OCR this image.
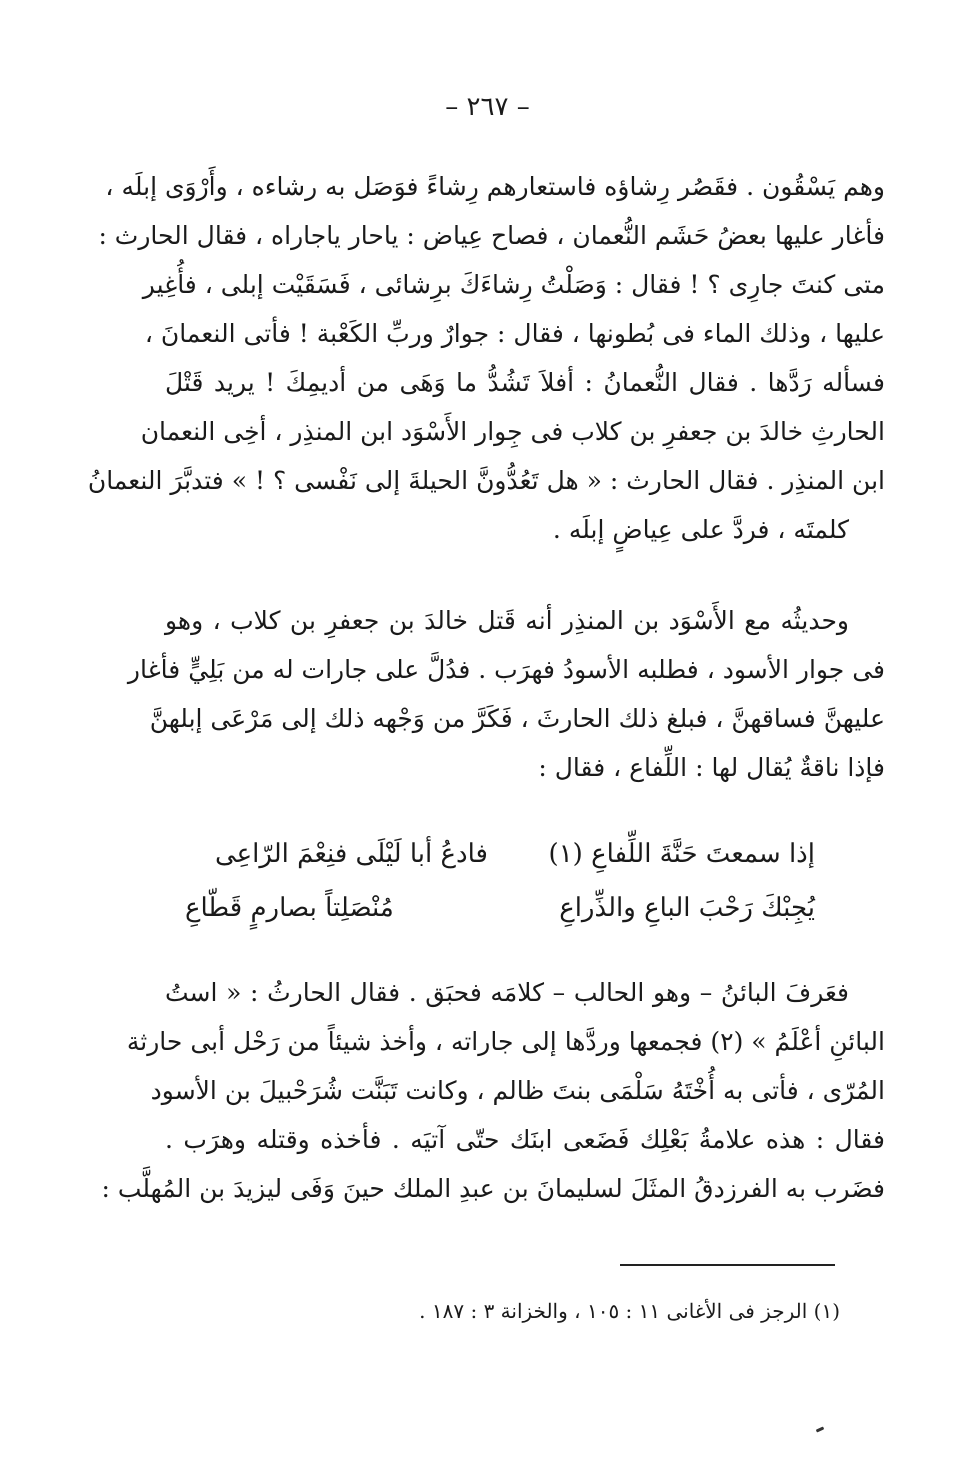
– ٢٦٧ –
وهم يَسْقُون . فقَصُر رِشاؤه فاستعارهم رِشاءً فوَصَل به رشاءه ، وأَرْوَى إبلَه ،
فأغار عليها بعضُ حَشَم النُّعمان ، فصاح عِياض : ياحار ياجاراه ، فقال الحارث :
متى كنتَ جارِى ؟ ! فقال : وَصَلْتُ رِشاءَكَ برِشائى ، فَسَقَيْت إبلى ، فأُغِير
عليها ، وذلك الماء فى بُطونها ، فقال : جوارٌ وربِّ الكَعْبة ! فأتى النعمانَ ،
فسأله رَدَّها . فقال النُّعمانُ : أفلاَ تَشُدُّ ما وَهَى من أديمِكَ ! يريد قَتْلَ
الحارثِ خالدَ بن جعفرِ بن كلاب فى جِوار الأَسْوَد ابن المنذِر ، أخِى النعمان
ابن المنذِر . فقال الحارث : « هل تَعُدُّونَّ الحيلةَ إلى نَفْسى ؟ ! » فتدبَّرَ النعمانُ
كلمتَه ، فردَّ على عِياضٍ إبلَه .
وحديثُه مع الأَسْوَد بن المنذِر أنه قَتل خالدَ بن جعفرِ بن كلاب ، وهو
فى جوار الأسود ، فطلبه الأسودُ فهرَب . فدُلَّ على جارات له من بَلِيٍّ فأغار
عليهنَّ فساقهنَّ ، فبلغ ذلك الحارثَ ، فَكَرَّ من وَجْهه ذلك إلى مَرْعَى إبلهنَّ
فإذا ناقةٌ يُقال لها : اللِّفاع ، فقال :
إذا سمعتَ حَنَّةَ اللِّفاعِ (١)
فادعُ أبا لَيْلَى فنِعْمَ الرّاعِى
يُجِبْكَ رَحْبَ الباعِ والذِّراعِ
مُنْصَلِتاً بصارمٍ قَطّاعِ
فعَرفَ البائنُ – وهو الحالب – كلامَه فحبَق . فقال الحارثُ : « استُ
البائنِ أعْلَمُ » (٢) فجمعها وردَّها إلى جاراته ، وأخذ شيئاً من رَحْل أبى حارثة
المُرّى ، فأتى به أُخْتَهُ سَلْمَى بنتَ ظالم ، وكانت تَبَنَّت شُرَحْبيلَ بن الأسود
فقال : هذه علامةُ بَعْلِك فَضَعى ابنَك حتّى آتيَه . فأخذه وقتله وهرَب .
فضَرب به الفرزدقُ المثَلَ لسليمانَ بن عبدِ الملك حينَ وَفَى ليزيدَ بن المُهلَّب :
(١) الرجز فى الأغانى ١١ : ١٠٥ ، والخزانة ٣ : ١٨٧ .
